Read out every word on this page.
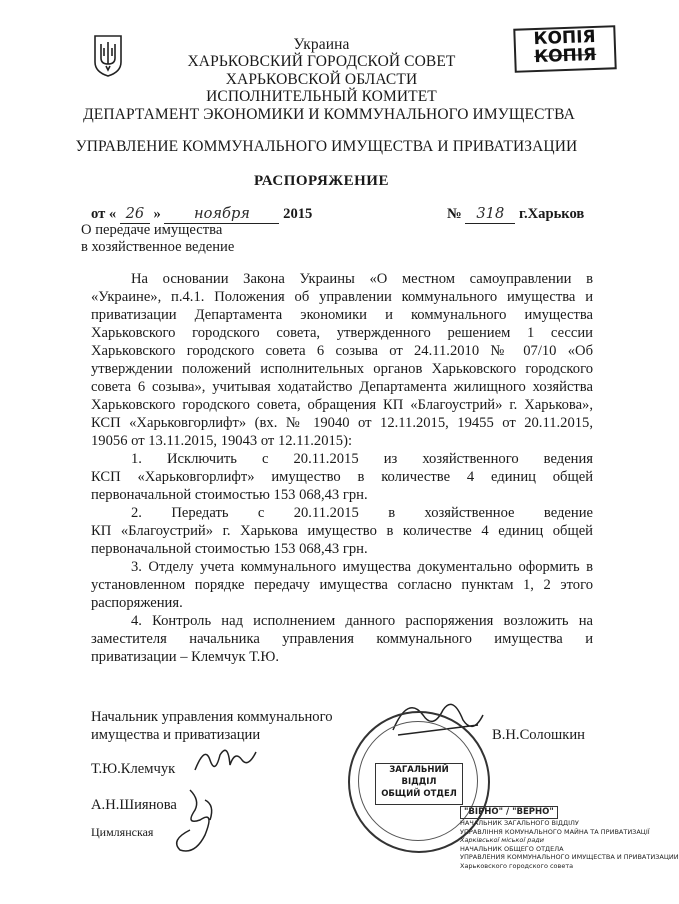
КОПІЯ
КОПІЯ
Украина
ХАРЬКОВСКИЙ ГОРОДСКОЙ СОВЕТ
ХАРЬКОВСКОЙ ОБЛАСТИ
ИСПОЛНИТЕЛЬНЫЙ КОМИТЕТ
ДЕПАРТАМЕНТ ЭКОНОМИКИ И КОММУНАЛЬНОГО ИМУЩЕСТВА
УПРАВЛЕНИЕ КОММУНАЛЬНОГО ИМУЩЕСТВА И ПРИВАТИЗАЦИИ
РАСПОРЯЖЕНИЕ
от « 26 » ноября 2015	№ 318 г.Харьков
О передаче имущества
в хозяйственное ведение
На основании Закона Украины «О местном самоуправлении в
«Украине», п.4.1. Положения об управлении коммунального имущества и
приватизации Департамента экономики и коммунального имущества
Харьковского городского совета, утвержденного решением 1 сессии
Харьковского городского совета 6 созыва от 24.11.2010 № 07/10 «Об
утверждении положений исполнительных органов Харьковского городского
совета 6 созыва», учитывая ходатайство Департамента жилищного хозяйства
Харьковского городского совета, обращения КП «Благоустрий» г. Харькова»,
КСП «Харьковгорлифт» (вх. № 19040 от 12.11.2015, 19455 от 20.11.2015,
19056 от 13.11.2015, 19043 от 12.11.2015):
1. Исключить с 20.11.2015 из хозяйственного ведения
КСП «Харьковгорлифт» имущество в количестве 4 единиц общей
первоначальной стоимостью 153 068,43 грн.
2. Передать с 20.11.2015 в хозяйственное ведение
КП «Благоустрий» г. Харькова имущество в количестве 4 единиц общей
первоначальной стоимостью 153 068,43 грн.
3. Отделу учета коммунального имущества документально оформить в
установленном порядке передачу имущества согласно пунктам 1, 2 этого
распоряжения.
4. Контроль над исполнением данного распоряжения возложить на
заместителя начальника управления коммунального имущества и
приватизации – Клемчук Т.Ю.
Начальник управления коммунального
имущества и приватизации	В.Н.Солошкин
Т.Ю.Клемчук
А.Н.Шиянова
Цимлянская
ЗАГАЛЬНИЙ
ВІДДІЛ
ОБЩИЙ ОТДЕЛ
"ВІРНО" / "ВЕРНО"
НАЧАЛЬНИК ЗАГАЛЬНОГО ВІДДІЛУ
УПРАВЛІННЯ КОМУНАЛЬНОГО МАЙНА ТА ПРИВАТИЗАЦІЇ
Харківської міської ради
НАЧАЛЬНИК ОБЩЕГО ОТДЕЛА
УПРАВЛЕНИЯ КОММУНАЛЬНОГО ИМУЩЕСТВА И ПРИВАТИЗАЦИИ
Харьковского городского совета
